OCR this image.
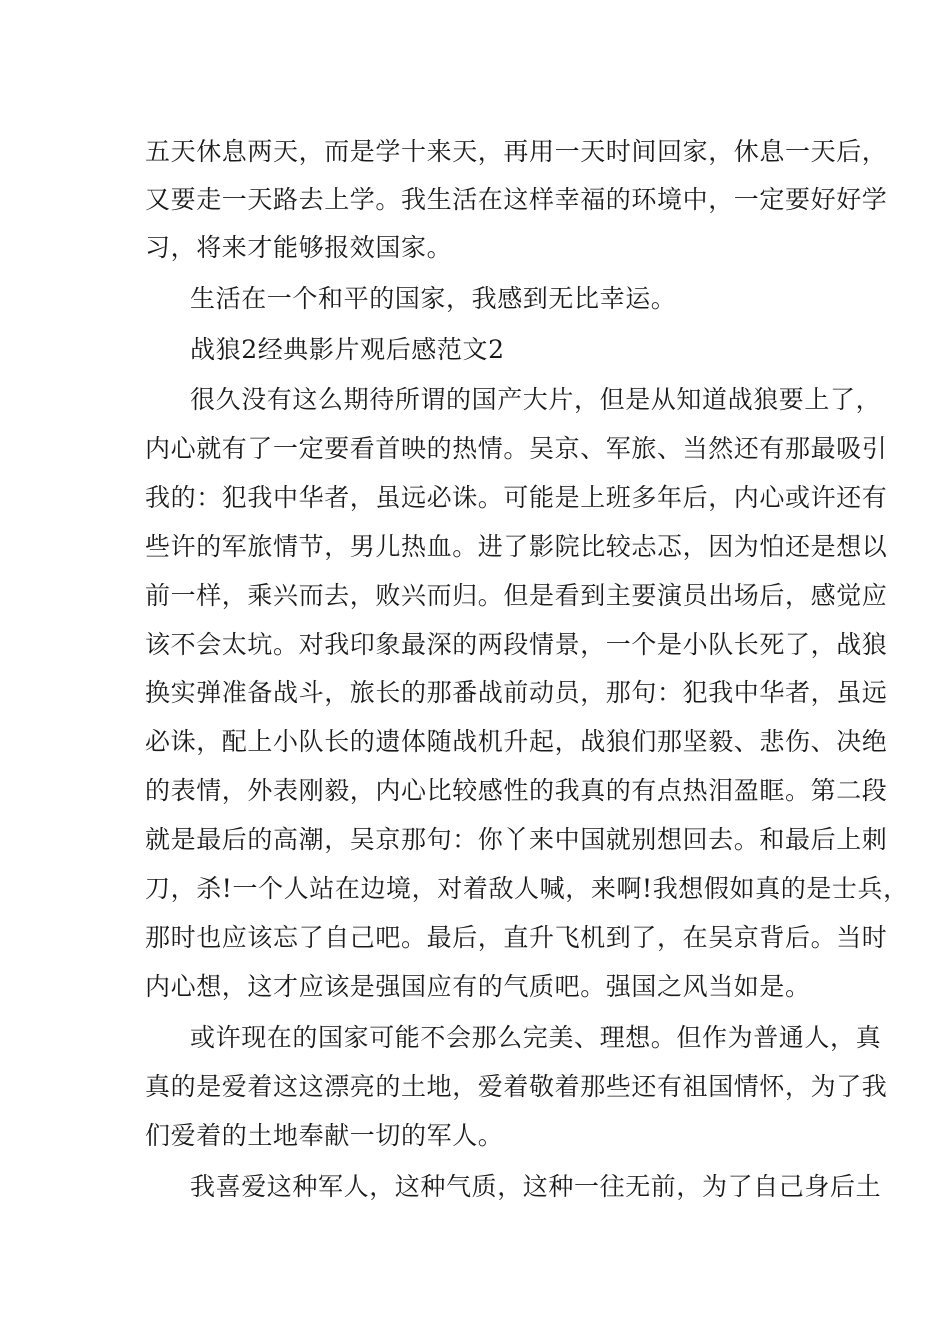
五天休息两天，而是学十来天，再用一天时间回家，休息一天后，
又要走一天路去上学。我生活在这样幸福的环境中，一定要好好学
习，将来才能够报效国家。
生活在一个和平的国家，我感到无比幸运。
战狼2经典影片观后感范文2
很久没有这么期待所谓的国产大片，但是从知道战狼要上了，
内心就有了一定要看首映的热情。吴京、军旅、当然还有那最吸引
我的：犯我中华者，虽远必诛。可能是上班多年后，内心或许还有
些许的军旅情节，男儿热血。进了影院比较忐忑，因为怕还是想以
前一样，乘兴而去，败兴而归。但是看到主要演员出场后，感觉应
该不会太坑。对我印象最深的两段情景，一个是小队长死了，战狼
换实弹准备战斗，旅长的那番战前动员，那句：犯我中华者，虽远
必诛，配上小队长的遗体随战机升起，战狼们那坚毅、悲伤、决绝
的表情，外表刚毅，内心比较感性的我真的有点热泪盈眶。第二段
就是最后的高潮，吴京那句：你丫来中国就别想回去。和最后上刺
刀，杀!一个人站在边境，对着敌人喊，来啊!我想假如真的是士兵，
那时也应该忘了自己吧。最后，直升飞机到了，在吴京背后。当时
内心想，这才应该是强国应有的气质吧。强国之风当如是。
或许现在的国家可能不会那么完美、理想。但作为普通人，真
真的是爱着这这漂亮的土地，爱着敬着那些还有祖国情怀，为了我
们爱着的土地奉献一切的军人。
我喜爱这种军人，这种气质，这种一往无前，为了自己身后土
